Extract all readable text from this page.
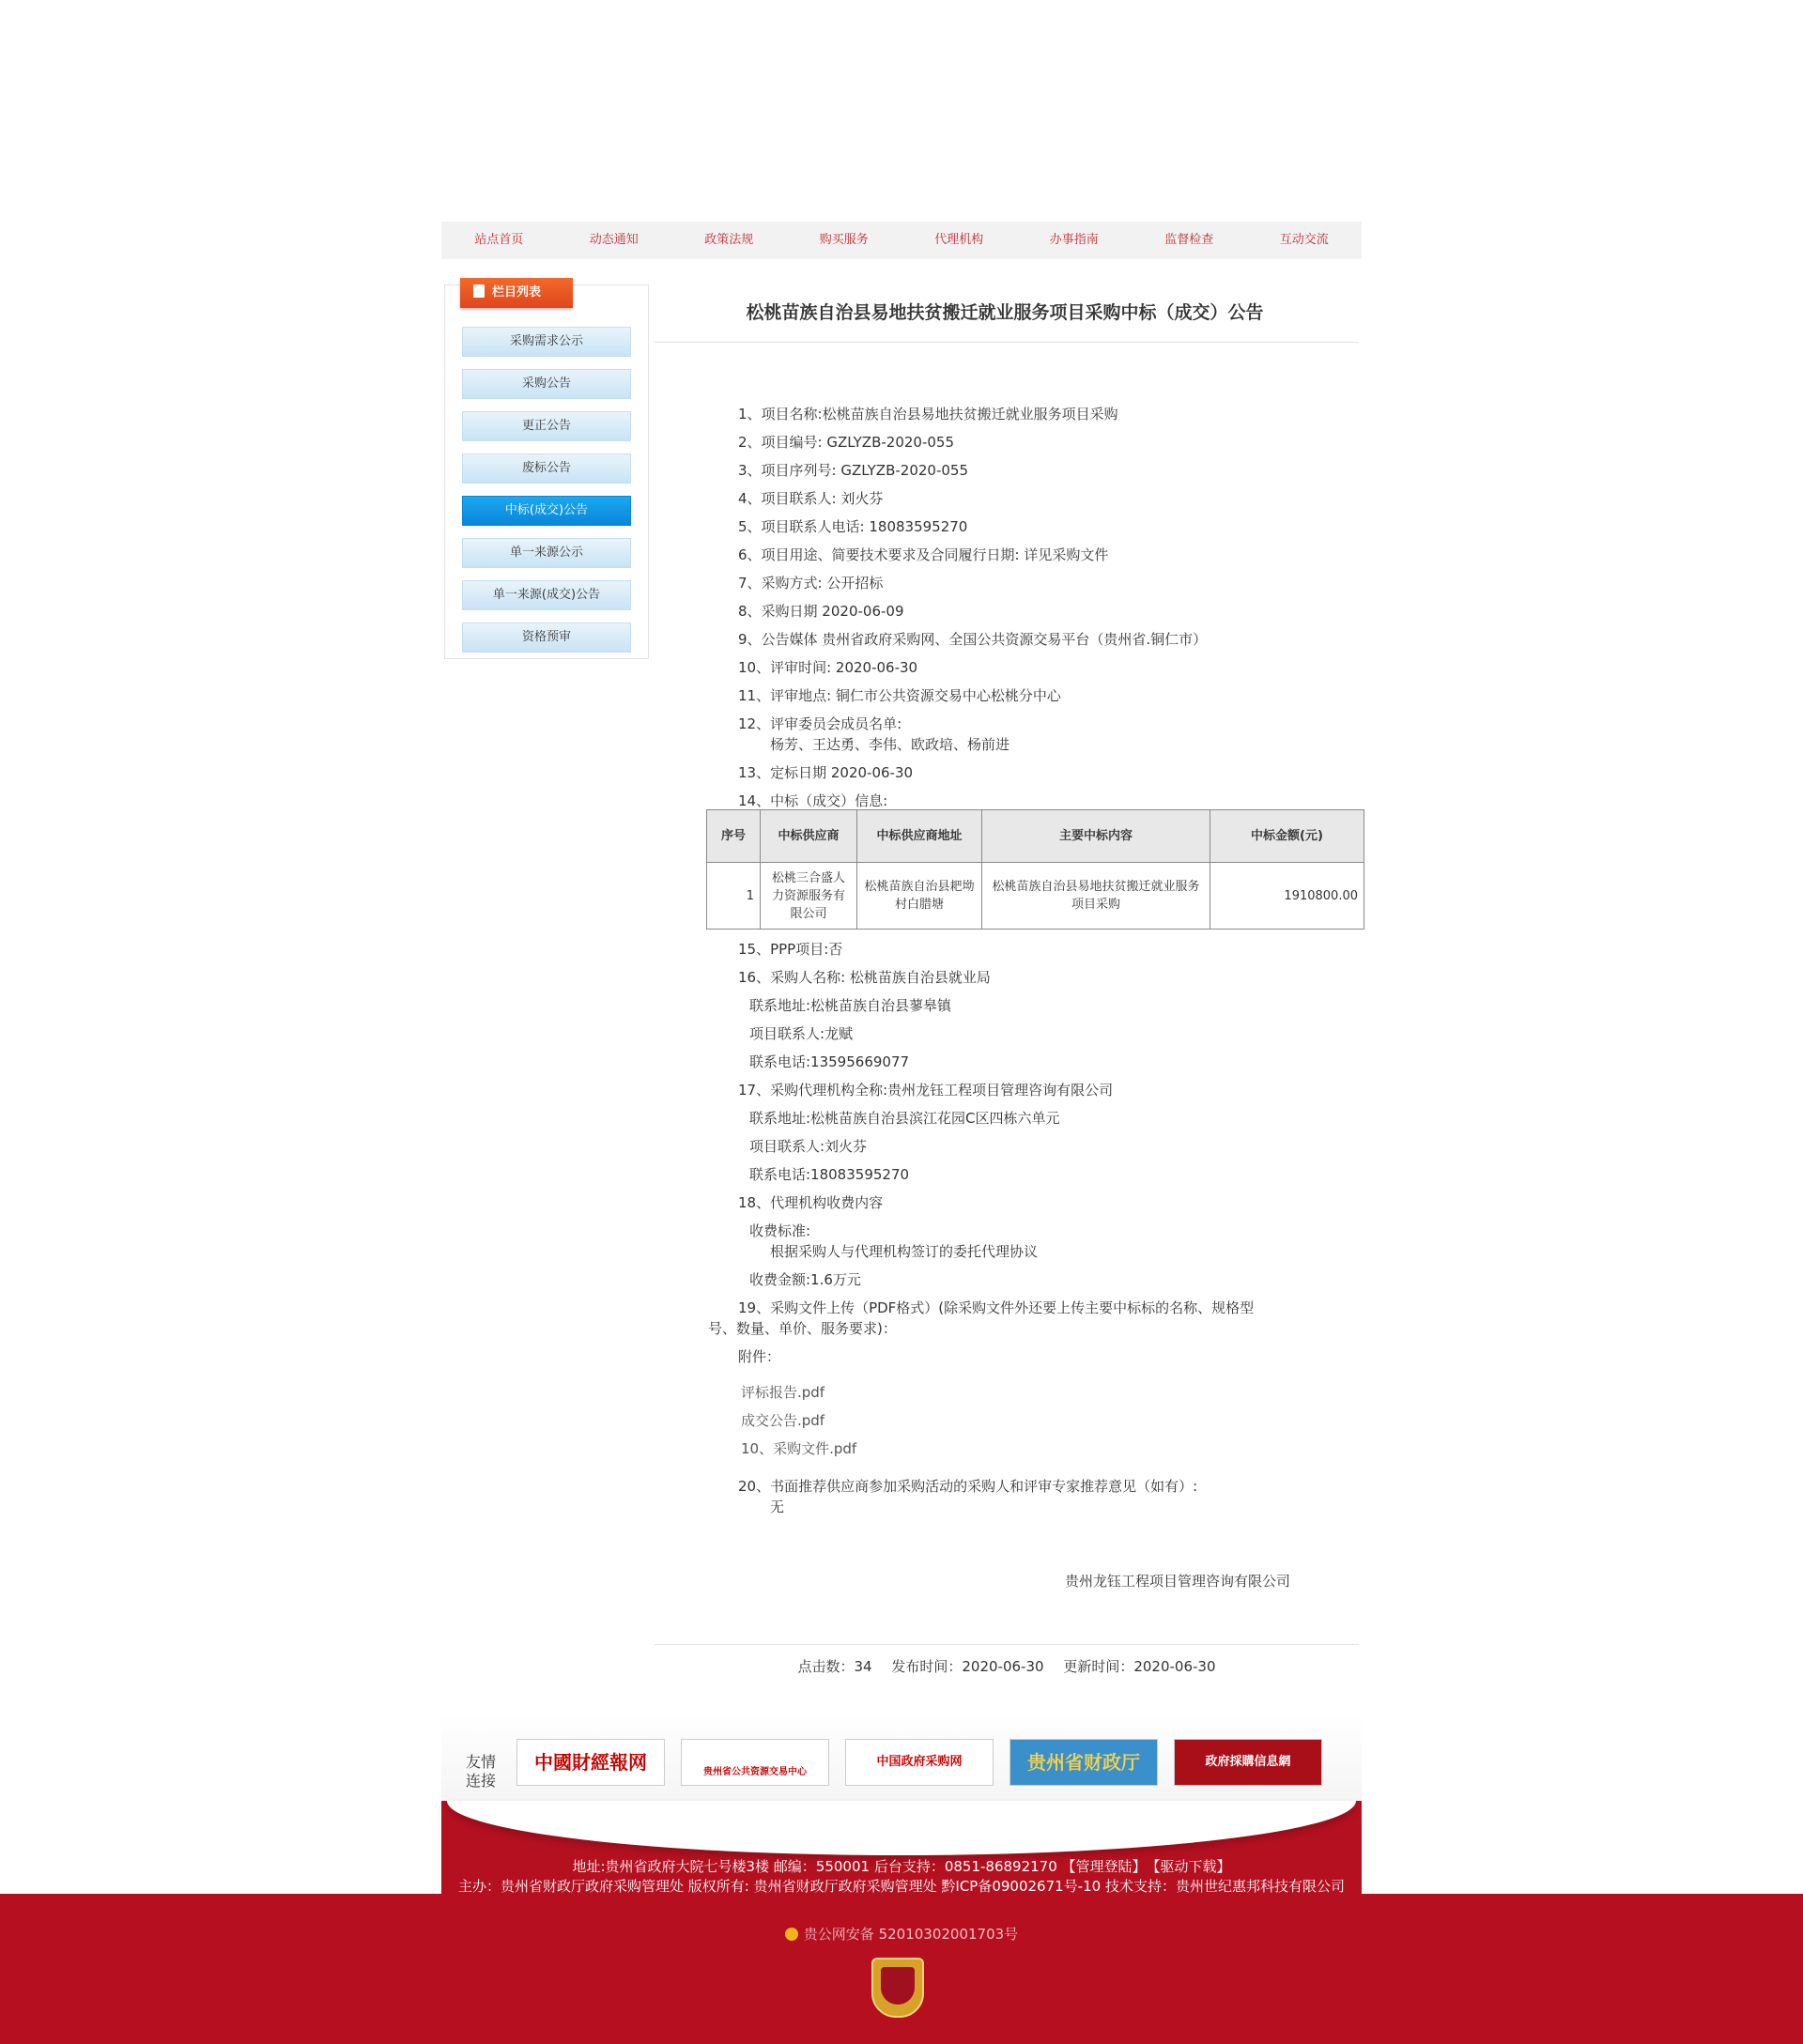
站点首页	动态通知	政策法规	购买服务	代理机构	办事指南	监督检查	互动交流
栏目列表
采购需求公示
采购公告
更正公告
废标公告
中标(成交)公告
单一来源公示
单一来源(成交)公告
资格预审
松桃苗族自治县易地扶贫搬迁就业服务项目采购中标（成交）公告

1、项目名称:松桃苗族自治县易地扶贫搬迁就业服务项目采购

2、项目编号: GZLYZB-2020-055

3、项目序列号: GZLYZB-2020-055

4、项目联系人: 刘火芬

5、项目联系人电话: 18083595270

6、项目用途、简要技术要求及合同履行日期: 详见采购文件

7、采购方式: 公开招标

8、采购日期 2020-06-09

9、公告媒体 贵州省政府采购网、全国公共资源交易平台（贵州省.铜仁市）

10、评审时间: 2020-06-30

11、评审地点: 铜仁市公共资源交易中心松桃分中心

12、评审委员会成员名单:

杨芳、王达勇、李伟、欧政培、杨前进

13、定标日期 2020-06-30

14、中标（成交）信息:

序号	中标供应商	中标供应商地址	主要中标内容	中标金额(元)
1	松桃三合盛人力资源服务有限公司	松桃苗族自治县耙坳村白腊塘	松桃苗族自治县易地扶贫搬迁就业服务项目采购	1910800.00

15、PPP项目:否

16、采购人名称: 松桃苗族自治县就业局

联系地址:松桃苗族自治县蓼皋镇

项目联系人:龙赋

联系电话:13595669077

17、采购代理机构全称:贵州龙钰工程项目管理咨询有限公司

联系地址:松桃苗族自治县滨江花园C区四栋六单元

项目联系人:刘火芬

联系电话:18083595270

18、代理机构收费内容

收费标准:

根据采购人与代理机构签订的委托代理协议

收费金额:1.6万元

19、采购文件上传（PDF格式）(除采购文件外还要上传主要中标标的名称、规格型号、数量、单价、服务要求)：

附件：

评标报告.pdf

成交公告.pdf

10、采购文件.pdf

20、书面推荐供应商参加采购活动的采购人和评审专家推荐意见（如有）:

无

贵州龙钰工程项目管理咨询有限公司
点击数：34 发布时间：2020-06-30 更新时间：2020-06-30
友情连接
中國財經報网	贵州省公共资源交易中心
中国政府采购网	贵州省财政厅	政府採購信息網
地址:贵州省政府大院七号楼3楼 邮编：550001 后台支持：0851-86892170 【管理登陆】　【驱动下载】
主办：贵州省财政厅政府采购管理处 版权所有: 贵州省财政厅政府采购管理处 黔ICP备09002671号-10 技术支持：贵州世纪惠邦科技有限公司
贵公网安备 52010302001703号
